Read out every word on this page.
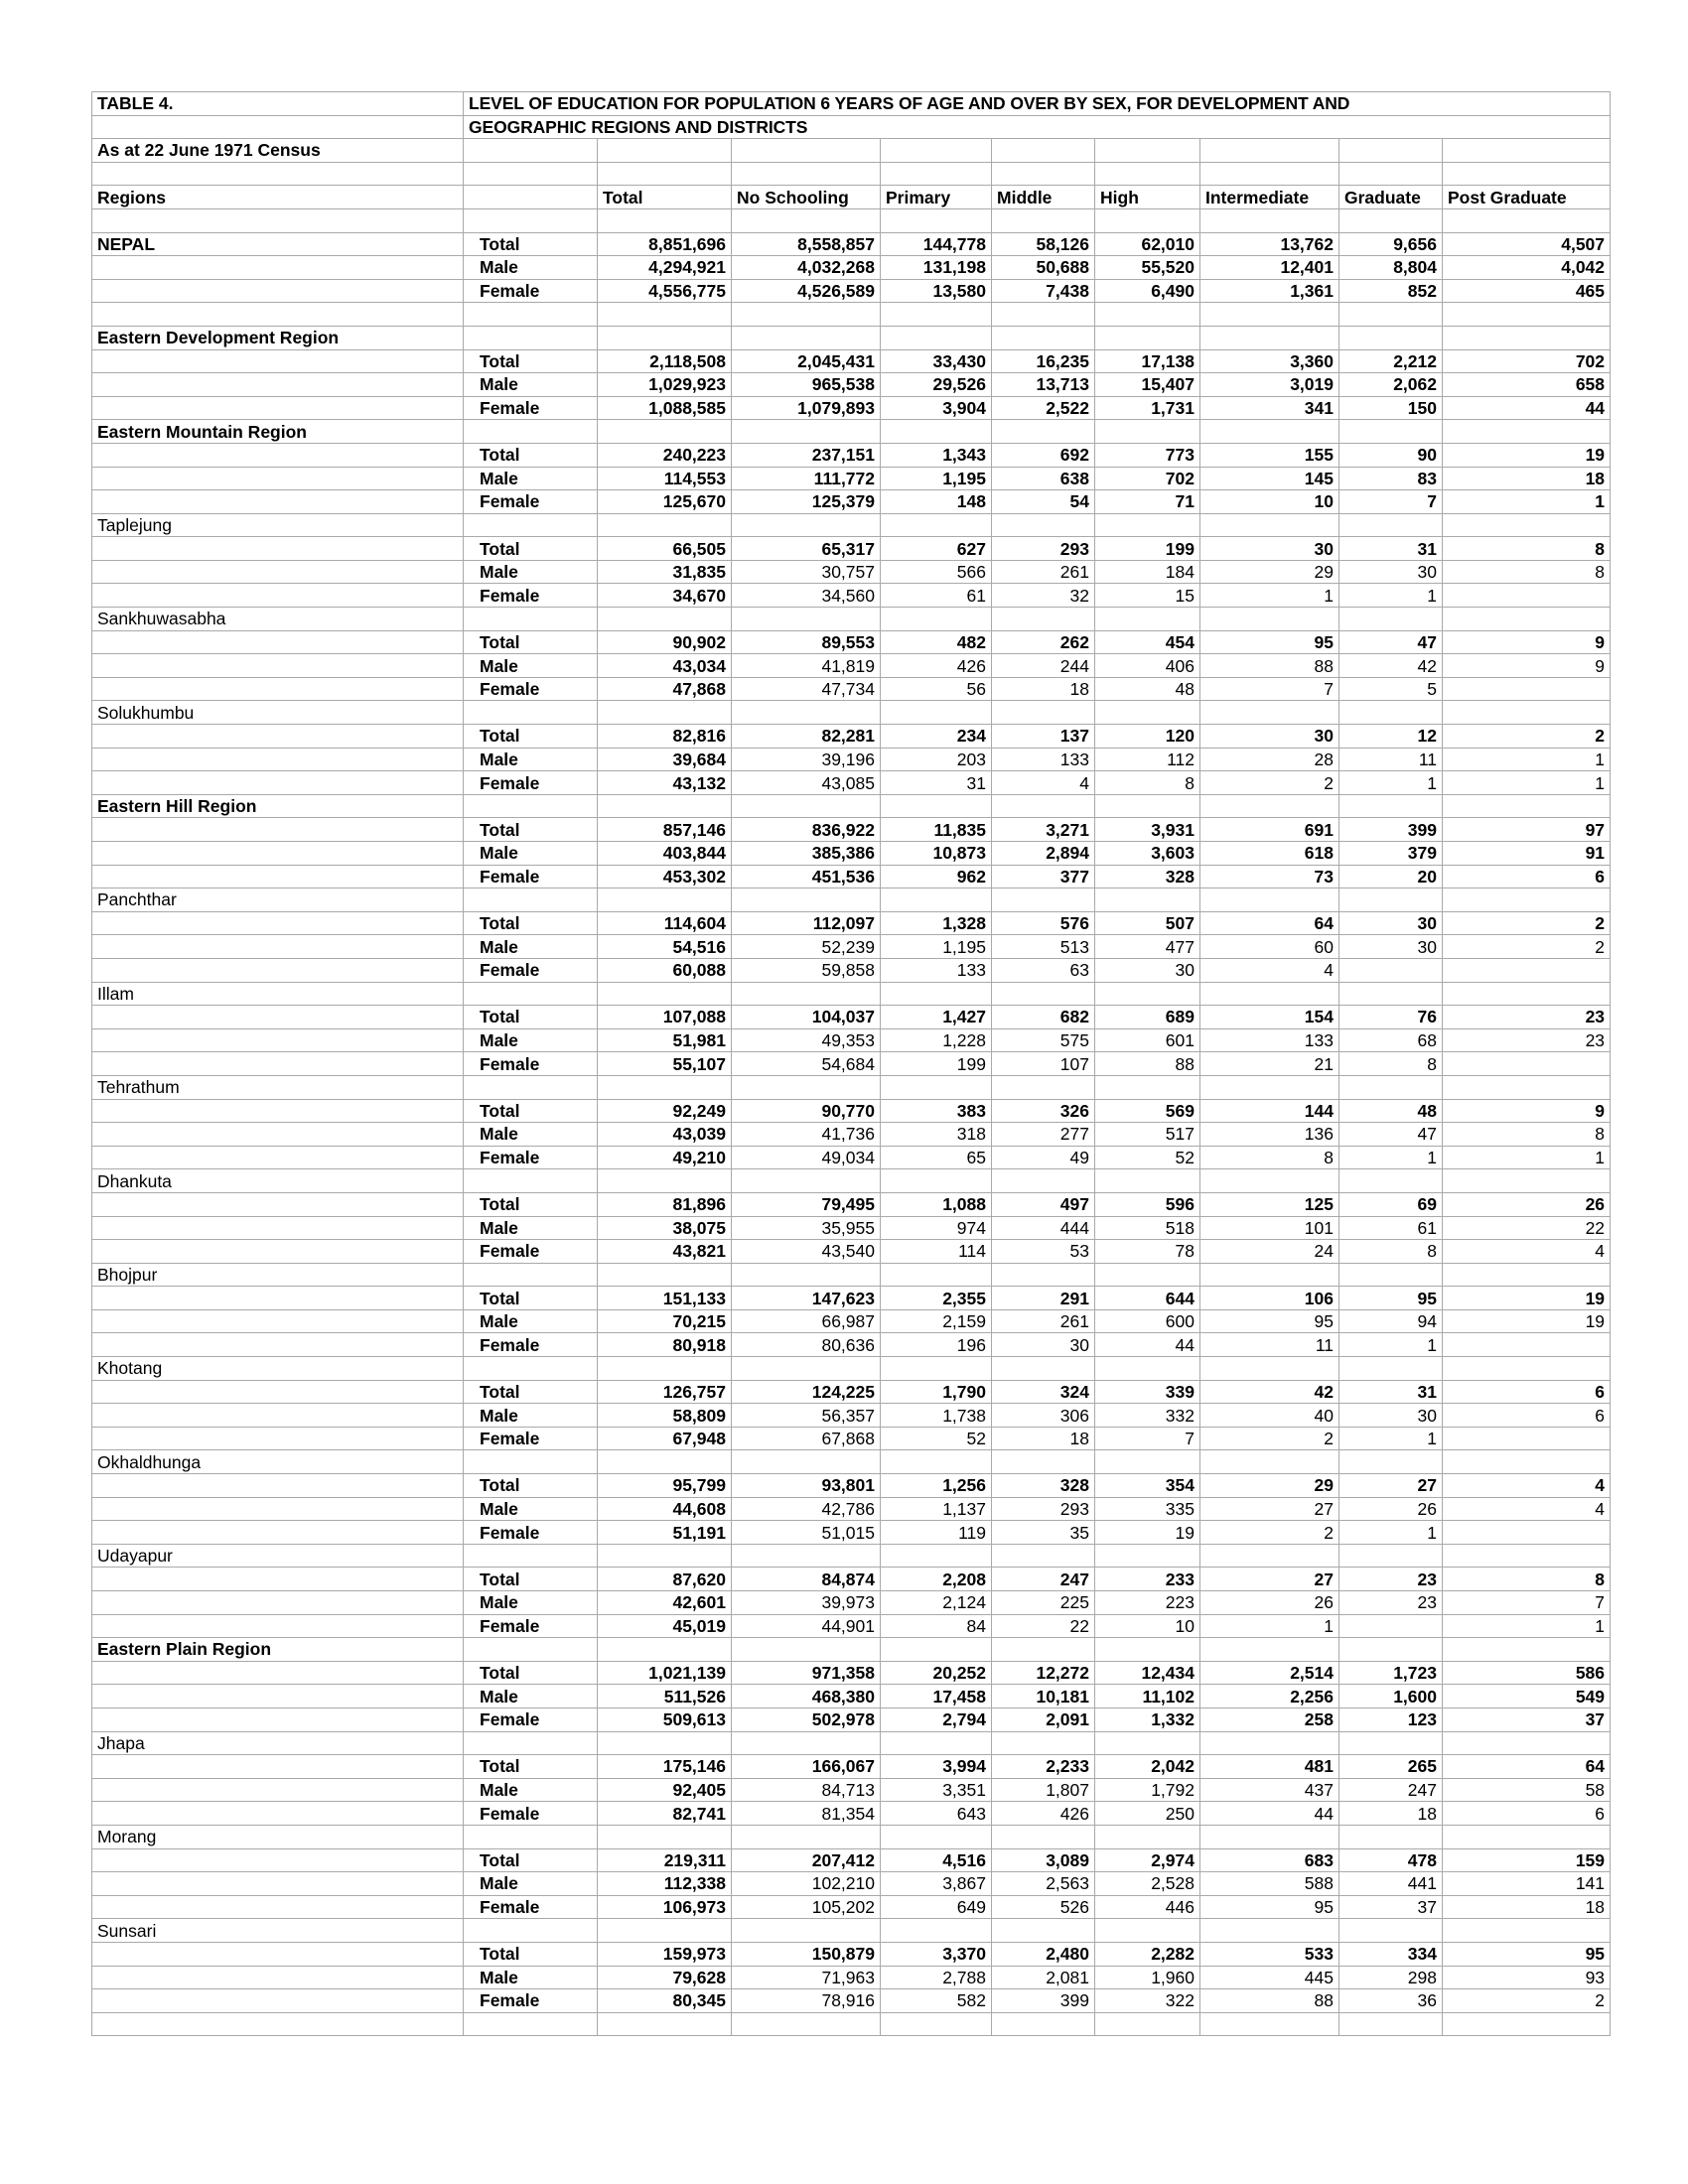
TABLE 4.	LEVEL OF EDUCATION FOR POPULATION 6 YEARS OF AGE AND OVER BY SEX, FOR DEVELOPMENT AND								
	GEOGRAPHIC REGIONS AND DISTRICTS								
As at 22 June 1971 Census									

Regions		Total	No Schooling	Primary	Middle	High	Intermediate	Graduate	Post Graduate

NEPAL	Total	8,851,696	8,558,857	144,778	58,126	62,010	13,762	9,656	4,507
	Male	4,294,921	4,032,268	131,198	50,688	55,520	12,401	8,804	4,042
	Female	4,556,775	4,526,589	13,580	7,438	6,490	1,361	852	465

Eastern Development Region									
	Total	2,118,508	2,045,431	33,430	16,235	17,138	3,360	2,212	702
	Male	1,029,923	965,538	29,526	13,713	15,407	3,019	2,062	658
	Female	1,088,585	1,079,893	3,904	2,522	1,731	341	150	44
Eastern Mountain Region									
	Total	240,223	237,151	1,343	692	773	155	90	19
	Male	114,553	111,772	1,195	638	702	145	83	18
	Female	125,670	125,379	148	54	71	10	7	1
Taplejung									
	Total	66,505	65,317	627	293	199	30	31	8
	Male	31,835	30,757	566	261	184	29	30	8
	Female	34,670	34,560	61	32	15	1	1	
Sankhuwasabha									
	Total	90,902	89,553	482	262	454	95	47	9
	Male	43,034	41,819	426	244	406	88	42	9
	Female	47,868	47,734	56	18	48	7	5	
Solukhumbu									
	Total	82,816	82,281	234	137	120	30	12	2
	Male	39,684	39,196	203	133	112	28	11	1
	Female	43,132	43,085	31	4	8	2	1	1
Eastern Hill Region									
	Total	857,146	836,922	11,835	3,271	3,931	691	399	97
	Male	403,844	385,386	10,873	2,894	3,603	618	379	91
	Female	453,302	451,536	962	377	328	73	20	6
Panchthar									
	Total	114,604	112,097	1,328	576	507	64	30	2
	Male	54,516	52,239	1,195	513	477	60	30	2
	Female	60,088	59,858	133	63	30	4		
Illam									
	Total	107,088	104,037	1,427	682	689	154	76	23
	Male	51,981	49,353	1,228	575	601	133	68	23
	Female	55,107	54,684	199	107	88	21	8	
Tehrathum									
	Total	92,249	90,770	383	326	569	144	48	9
	Male	43,039	41,736	318	277	517	136	47	8
	Female	49,210	49,034	65	49	52	8	1	1
Dhankuta									
	Total	81,896	79,495	1,088	497	596	125	69	26
	Male	38,075	35,955	974	444	518	101	61	22
	Female	43,821	43,540	114	53	78	24	8	4
Bhojpur									
	Total	151,133	147,623	2,355	291	644	106	95	19
	Male	70,215	66,987	2,159	261	600	95	94	19
	Female	80,918	80,636	196	30	44	11	1	
Khotang									
	Total	126,757	124,225	1,790	324	339	42	31	6
	Male	58,809	56,357	1,738	306	332	40	30	6
	Female	67,948	67,868	52	18	7	2	1	
Okhaldhunga									
	Total	95,799	93,801	1,256	328	354	29	27	4
	Male	44,608	42,786	1,137	293	335	27	26	4
	Female	51,191	51,015	119	35	19	2	1	
Udayapur									
	Total	87,620	84,874	2,208	247	233	27	23	8
	Male	42,601	39,973	2,124	225	223	26	23	7
	Female	45,019	44,901	84	22	10	1		1
Eastern Plain Region									
	Total	1,021,139	971,358	20,252	12,272	12,434	2,514	1,723	586
	Male	511,526	468,380	17,458	10,181	11,102	2,256	1,600	549
	Female	509,613	502,978	2,794	2,091	1,332	258	123	37
Jhapa									
	Total	175,146	166,067	3,994	2,233	2,042	481	265	64
	Male	92,405	84,713	3,351	1,807	1,792	437	247	58
	Female	82,741	81,354	643	426	250	44	18	6
Morang									
	Total	219,311	207,412	4,516	3,089	2,974	683	478	159
	Male	112,338	102,210	3,867	2,563	2,528	588	441	141
	Female	106,973	105,202	649	526	446	95	37	18
Sunsari									
	Total	159,973	150,879	3,370	2,480	2,282	533	334	95
	Male	79,628	71,963	2,788	2,081	1,960	445	298	93
	Female	80,345	78,916	582	399	322	88	36	2
